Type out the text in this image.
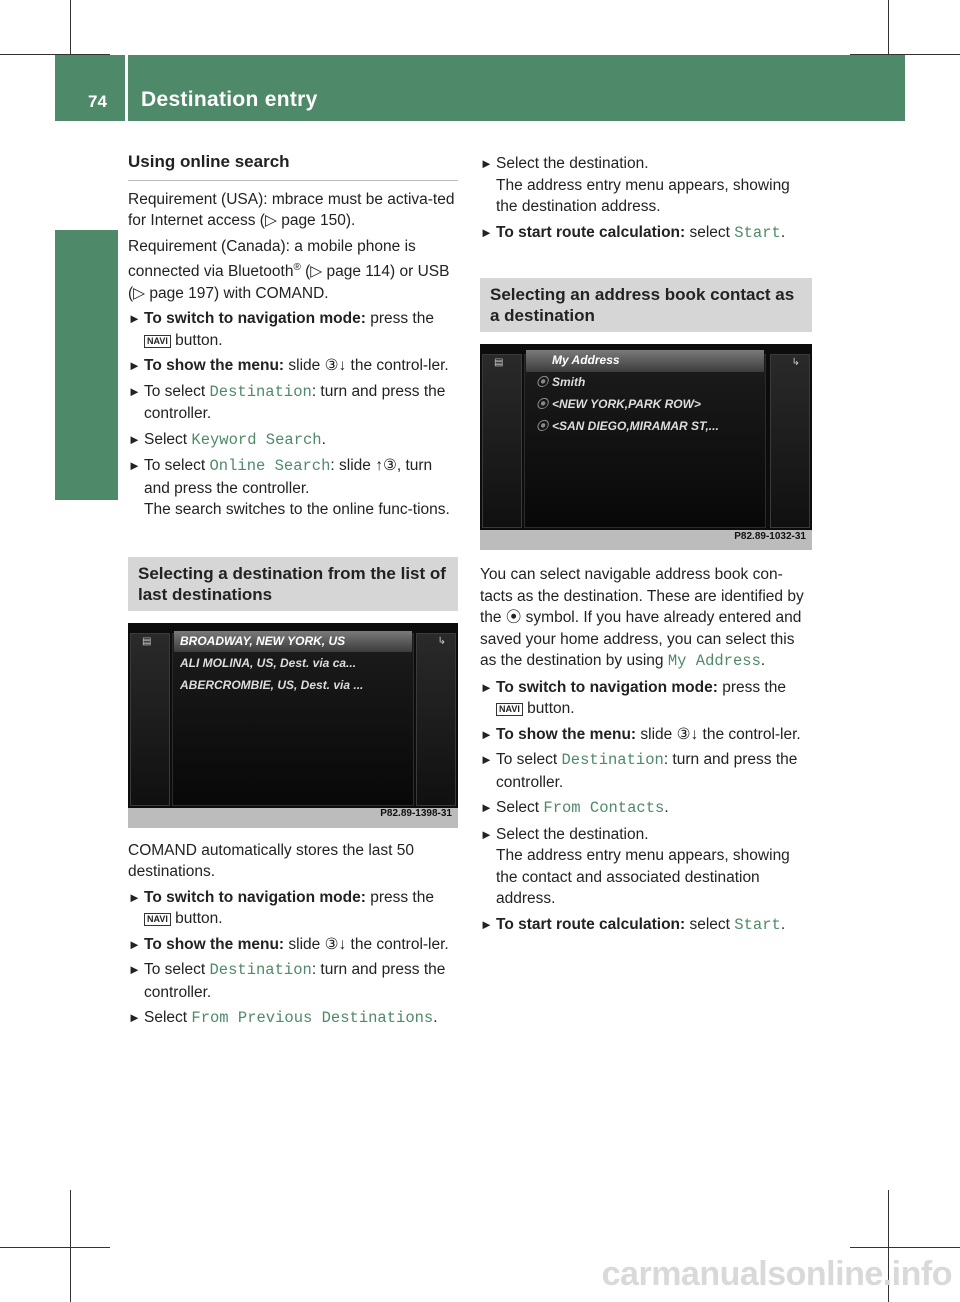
74 Destination entry
Navigation
Using online search

Requirement (USA): mbrace must be activa-ted for Internet access (▷ page 150).

Requirement (Canada): a mobile phone is connected via Bluetooth® (▷ page 114) or USB (▷ page 197) with COMAND.

► To switch to navigation mode: press the
NAVI button.
► To show the menu: slide ③↓ the control-ler.
► To select Destination: turn and press the controller.
► Select Keyword Search.
► To select Online Search: slide ↑③, turn and press the controller.
The search switches to the online func-tions.
Selecting a destination from the list of last destinations
▤	↳
BROADWAY, NEW YORK, US
ALI MOLINA, US, Dest. via ca...
ABERCROMBIE, US, Dest. via ...
P82.89-1398-31

COMAND automatically stores the last 50 destinations.

► To switch to navigation mode: press the
NAVI button.
► To show the menu: slide ③↓ the control-ler.
► To select Destination: turn and press the controller.
► Select From Previous Destinations.
► Select the destination.
The address entry menu appears, showing the destination address.
► To start route calculation: select Start.
Selecting an address book contact as a destination
▤	↳
My Address
Smith
<NEW YORK,PARK ROW>
<SAN DIEGO,MIRAMAR ST,...
⦿
⦿
⦿
P82.89-1032-31

You can select navigable address book con-tacts as the destination. These are identified by the ⦿ symbol. If you have already entered and saved your home address, you can select this as the destination by using My Address.

► To switch to navigation mode: press the
NAVI button.
► To show the menu: slide ③↓ the control-ler.
► To select Destination: turn and press the controller.
► Select From Contacts.
► Select the destination.
The address entry menu appears, showing the contact and associated destination address.
► To start route calculation: select Start.
carmanualsonline.info
